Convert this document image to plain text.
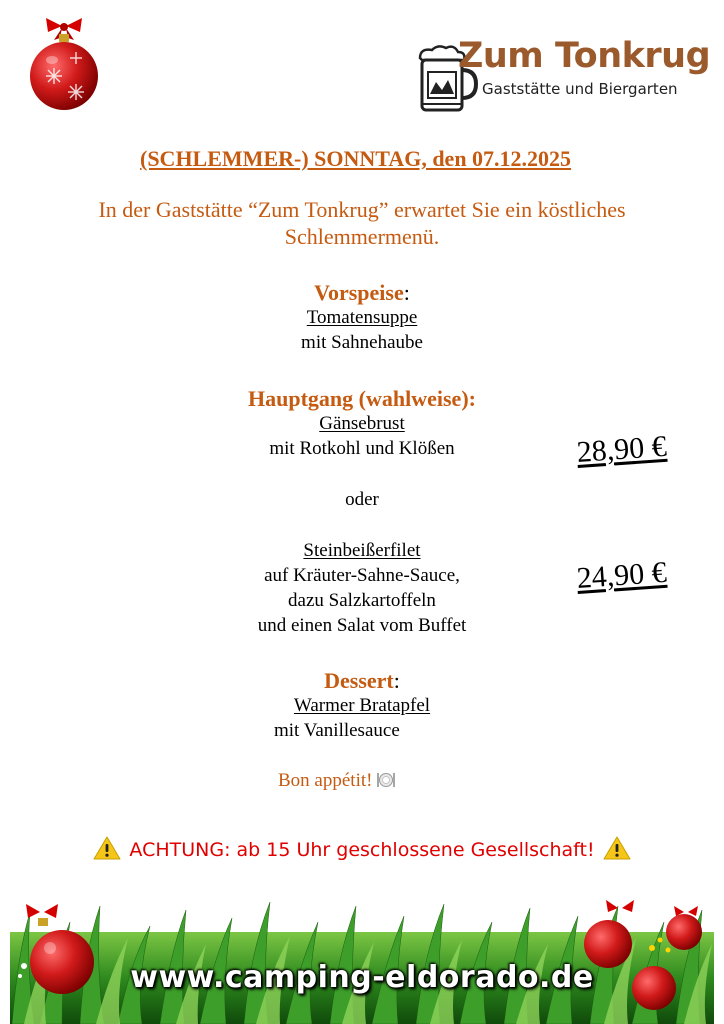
Zum Tonkrug
Gaststätte und Biergarten
(SCHLEMMER-) SONNTAG, den 07.12.2025
In der Gaststätte “Zum Tonkrug” erwartet Sie ein köstliches Schlemmermenü.
Vorspeise:
Tomatensuppe
mit Sahnehaube
Hauptgang (wahlweise):
Gänsebrust
mit Rotkohl und Klößen	28,90 €
oder
Steinbeißerfilet
auf Kräuter-Sahne-Sauce,
dazu Salzkartoffeln
und einen Salat vom Buffet
24,90 €
Dessert:
Warmer Bratapfel
mit Vanillesauce
Bon appétit!
ACHTUNG: ab 15 Uhr geschlossene Gesellschaft!
www.camping-eldorado.de
